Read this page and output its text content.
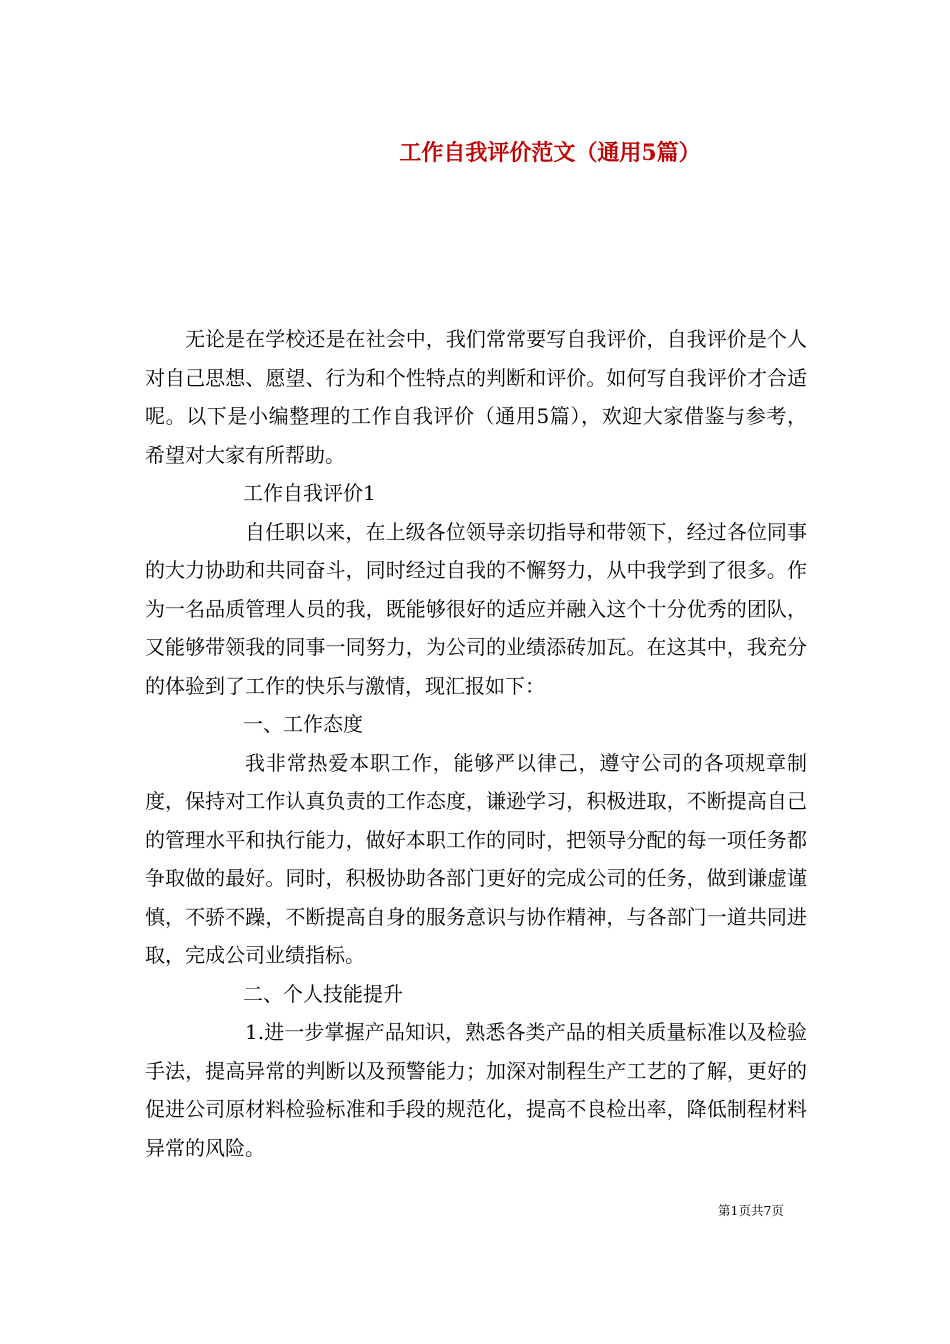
工作自我评价范文（通用5篇）

无论是在学校还是在社会中，我们常常要写自我评价，自我评价是个人对自己思想、愿望、行为和个性特点的判断和评价。如何写自我评价才合适呢。以下是小编整理的工作自我评价（通用5篇），欢迎大家借鉴与参考，希望对大家有所帮助。

工作自我评价1

自任职以来，在上级各位领导亲切指导和带领下，经过各位同事的大力协助和共同奋斗，同时经过自我的不懈努力，从中我学到了很多。作为一名品质管理人员的我，既能够很好的适应并融入这个十分优秀的团队，又能够带领我的同事一同努力，为公司的业绩添砖加瓦。在这其中，我充分的体验到了工作的快乐与激情，现汇报如下：

一、工作态度

我非常热爱本职工作，能够严以律己，遵守公司的各项规章制度，保持对工作认真负责的工作态度，谦逊学习，积极进取，不断提高自己的管理水平和执行能力，做好本职工作的同时，把领导分配的每一项任务都争取做的最好。同时，积极协助各部门更好的完成公司的任务，做到谦虚谨慎，不骄不躁，不断提高自身的服务意识与协作精神，与各部门一道共同进取，完成公司业绩指标。

二、个人技能提升

1.进一步掌握产品知识，熟悉各类产品的相关质量标准以及检验手法，提高异常的判断以及预警能力；加深对制程生产工艺的了解，更好的促进公司原材料检验标准和手段的规范化，提高不良检出率，降低制程材料异常的风险。

第1页共7页
